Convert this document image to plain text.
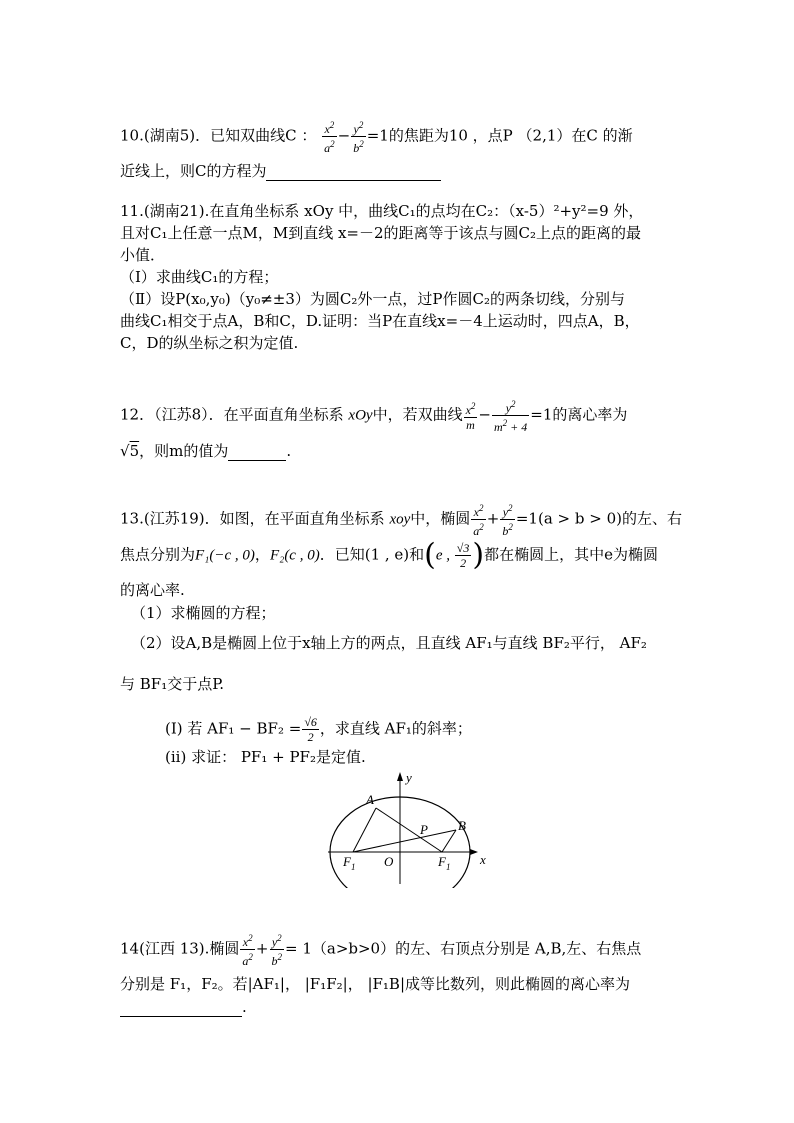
10.(湖南5)．已知双曲线C ： $\frac{x^2}{a^2} - \frac{y^2}{b^2} =1$的焦距为10 ，点P （2,1）在C 的渐
近线上，则C的方程为
11.(湖南21).在直角坐标系 xOy 中，曲线C₁的点均在C₂：（x-5）²+y²=9 外，
且对C₁上任意一点M，M到直线 x=－2的距离等于该点与圆C₂上点的距离的最
小值．
（Ⅰ）求曲线C₁的方程；
（Ⅱ）设P(x₀,y₀)（y₀≠±3）为圆C₂外一点，过P作圆C₂的两条切线，分别与
曲线C₁相交于点A，B和C，D.证明：当P在直线x=－4上运动时，四点A，B，
C，D的纵坐标之积为定值.
12．（江苏8）．在平面直角坐标系 xOy中，若双曲线 $\frac{x^2}{m} - \frac{y^2}{m^2 + 4} =1$的离心率为
√5，则m的值为	.
13.(江苏19)．如图，在平面直角坐标系 xoy中，椭圆 $\frac{x^2}{a^2} + \frac{y^2}{b^2} =1(a > b > 0)$的左、右
焦点分别为F₁(−c , 0)，F₂(c , 0)．已知(1 , e)和(e , $\frac{√3}{2}$ )都在椭圆上，其中e为椭圆
的离心率.
（1）求椭圆的方程；
（2）设A,B是椭圆上位于x轴上方的两点，且直线 AF₁与直线 BF₂平行， AF₂
与 BF₁交于点P.
(I) 若 $AF_1 - BF_2 = \frac{√6}{2}$ ，求直线 AF₁的斜率；
(ii) 求证： PF₁ + PF₂是定值.
y
x
A
B
P
O
F 1	F 1
14(江西 13).椭圆 $\frac{x^2}{a^2} + \frac{y^2}{b^2} = 1(a>b>0)$的左、右顶点分别是 A,B,左、右焦点
分别是 F₁，F₂。若|AF₁|， |F₁F₂|， |F₁B|成等比数列，则此椭圆的离心率为
.
